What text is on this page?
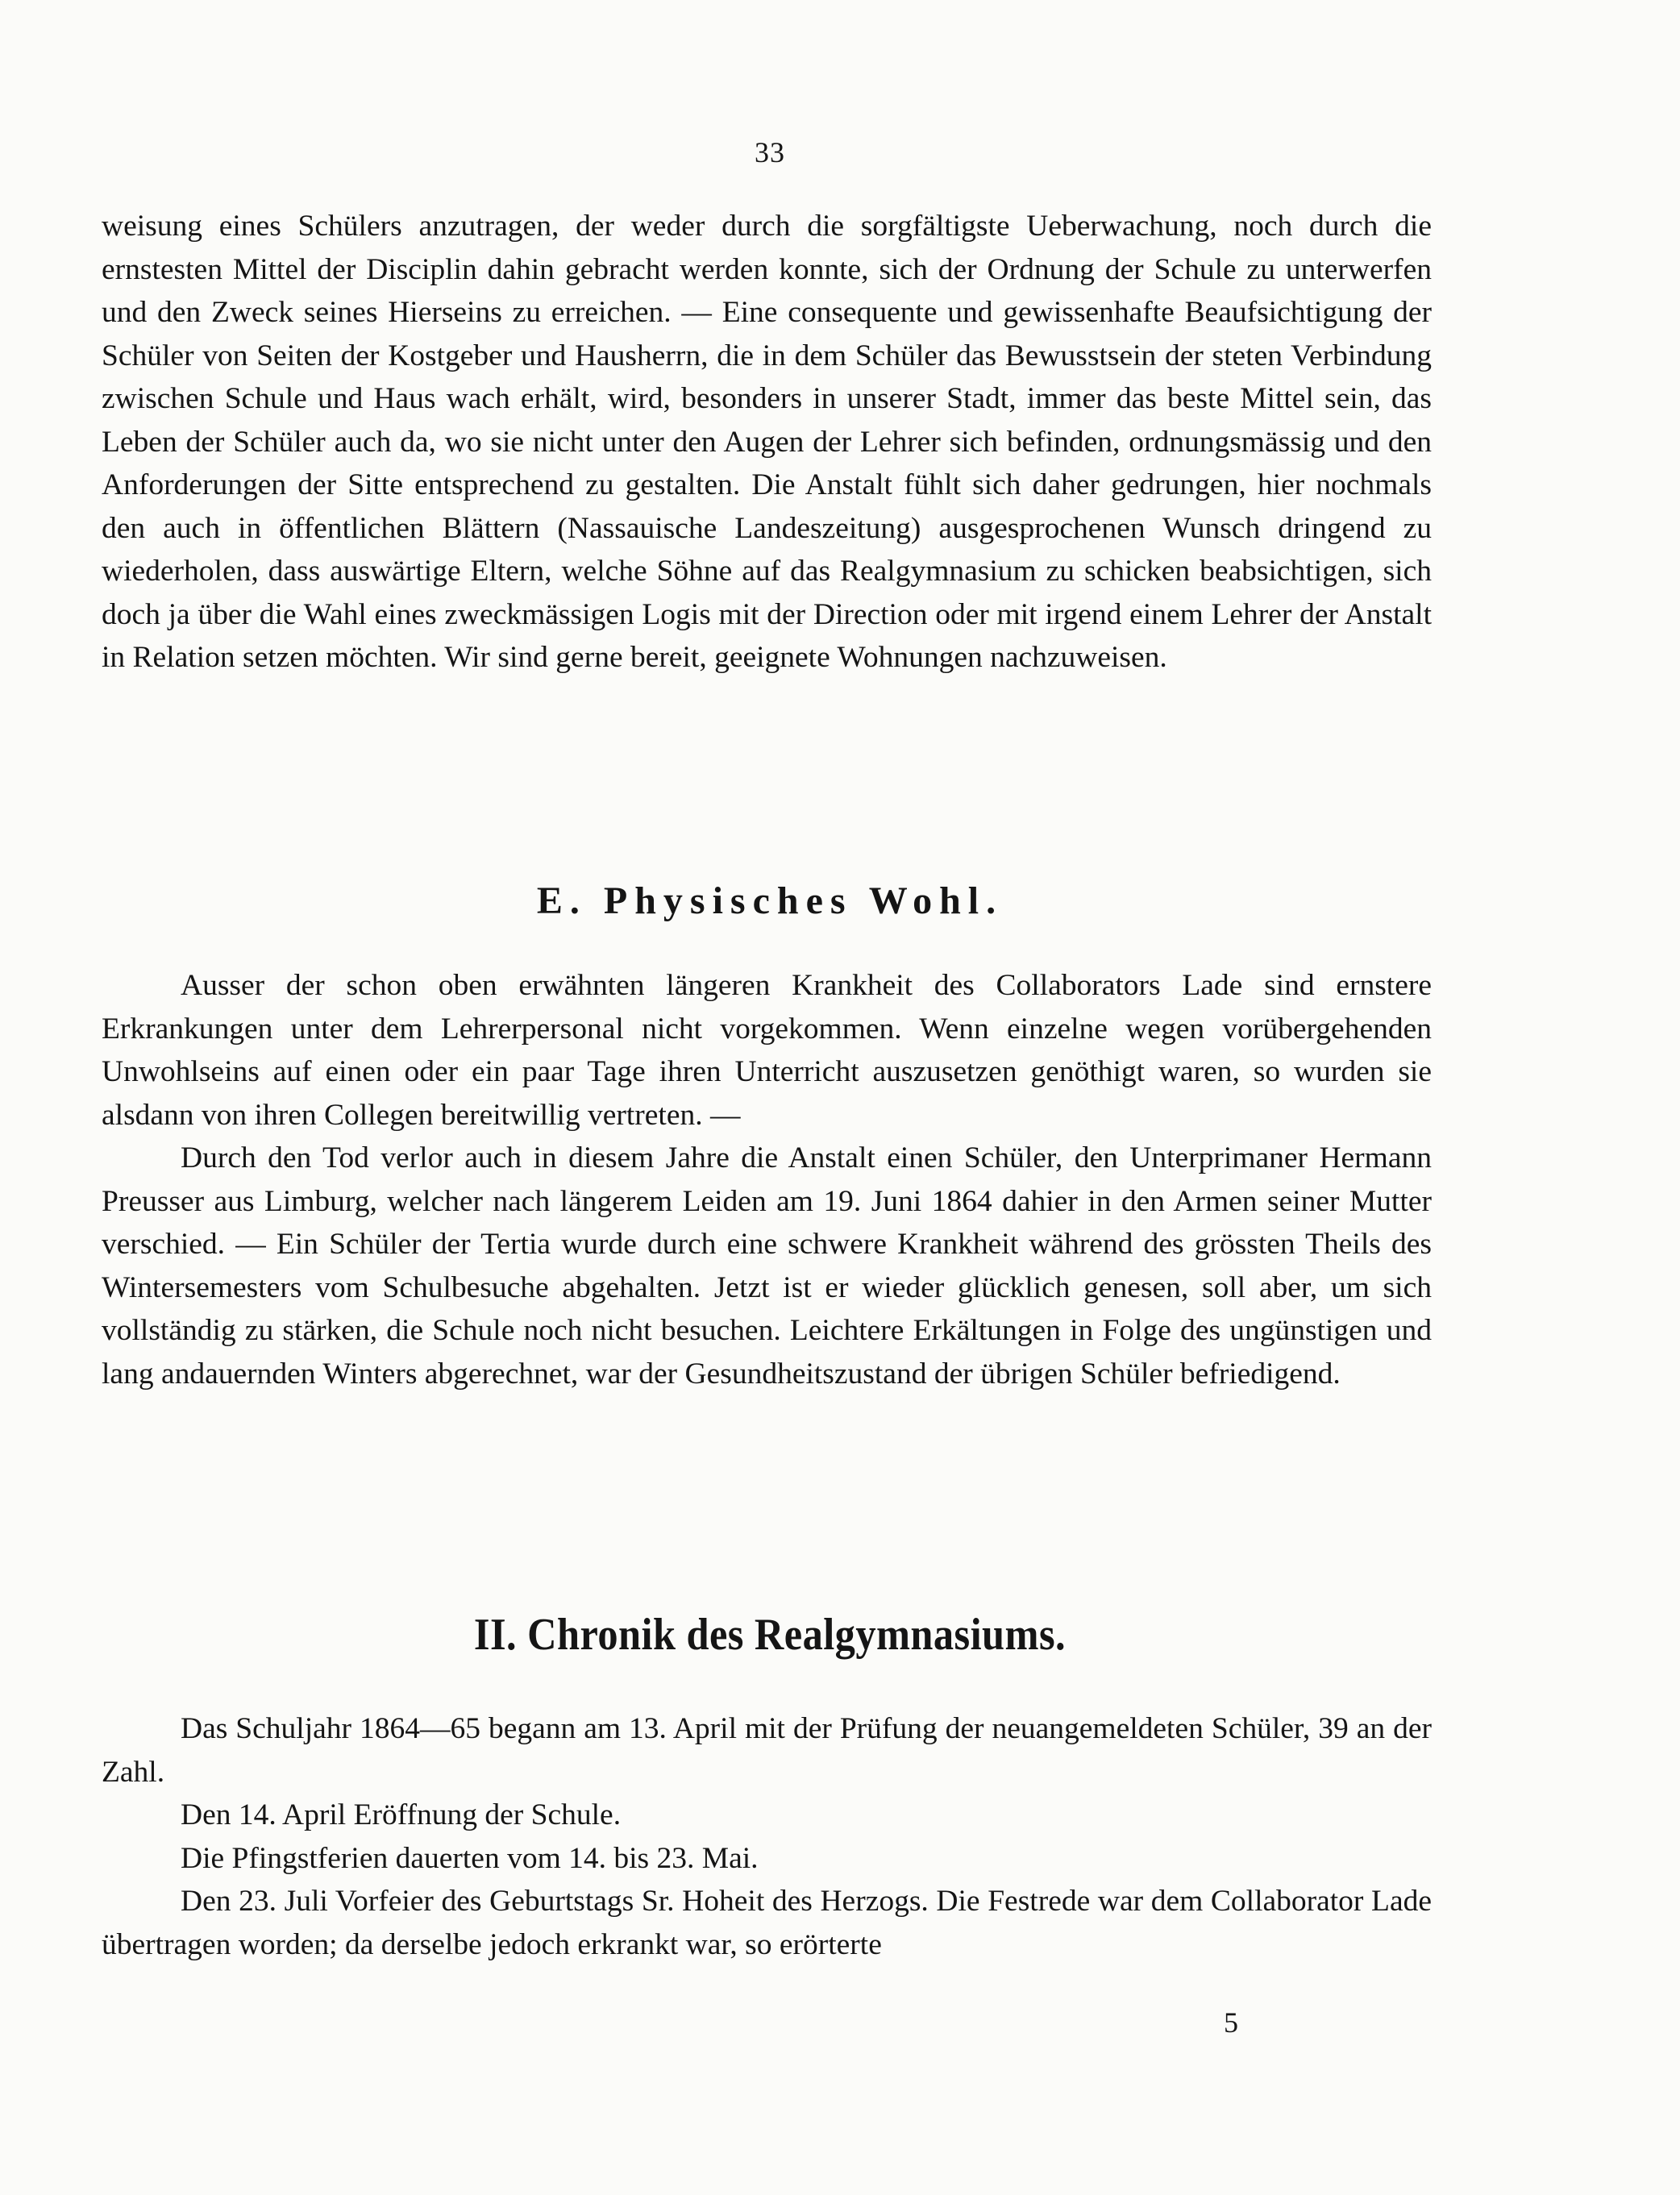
33

weisung eines Schülers anzutragen, der weder durch die sorgfältigste Ueberwachung, noch durch die ernstesten Mittel der Disciplin dahin gebracht werden konnte, sich der Ordnung der Schule zu unterwerfen und den Zweck seines Hierseins zu erreichen. — Eine consequente und gewissenhafte Beaufsichtigung der Schüler von Seiten der Kostgeber und Hausherrn, die in dem Schüler das Bewusstsein der steten Verbindung zwischen Schule und Haus wach erhält, wird, besonders in unserer Stadt, immer das beste Mittel sein, das Leben der Schüler auch da, wo sie nicht unter den Augen der Lehrer sich befinden, ordnungsmässig und den Anforderungen der Sitte entsprechend zu gestalten. Die Anstalt fühlt sich daher gedrungen, hier nochmals den auch in öffentlichen Blättern (Nassauische Landeszeitung) ausgesprochenen Wunsch dringend zu wiederholen, dass auswärtige Eltern, welche Söhne auf das Realgymnasium zu schicken beabsichtigen, sich doch ja über die Wahl eines zweckmässigen Logis mit der Direction oder mit irgend einem Lehrer der Anstalt in Relation setzen möchten. Wir sind gerne bereit, geeignete Wohnungen nachzuweisen.

E. Physisches Wohl.

Ausser der schon oben erwähnten längeren Krankheit des Collaborators Lade sind ernstere Erkrankungen unter dem Lehrerpersonal nicht vorgekommen. Wenn einzelne wegen vorübergehenden Unwohlseins auf einen oder ein paar Tage ihren Unterricht auszusetzen genöthigt waren, so wurden sie alsdann von ihren Collegen bereitwillig vertreten. —

Durch den Tod verlor auch in diesem Jahre die Anstalt einen Schüler, den Unterprimaner Hermann Preusser aus Limburg, welcher nach längerem Leiden am 19. Juni 1864 dahier in den Armen seiner Mutter verschied. — Ein Schüler der Tertia wurde durch eine schwere Krankheit während des grössten Theils des Wintersemesters vom Schulbesuche abgehalten. Jetzt ist er wieder glücklich genesen, soll aber, um sich vollständig zu stärken, die Schule noch nicht besuchen. Leichtere Erkältungen in Folge des ungünstigen und lang andauernden Winters abgerechnet, war der Gesundheitszustand der übrigen Schüler befriedigend.

II. Chronik des Realgymnasiums.

Das Schuljahr 1864—65 begann am 13. April mit der Prüfung der neuangemeldeten Schüler, 39 an der Zahl.

Den 14. April Eröffnung der Schule.

Die Pfingstferien dauerten vom 14. bis 23. Mai.

Den 23. Juli Vorfeier des Geburtstags Sr. Hoheit des Herzogs. Die Festrede war dem Collaborator Lade übertragen worden; da derselbe jedoch erkrankt war, so erörterte

5
